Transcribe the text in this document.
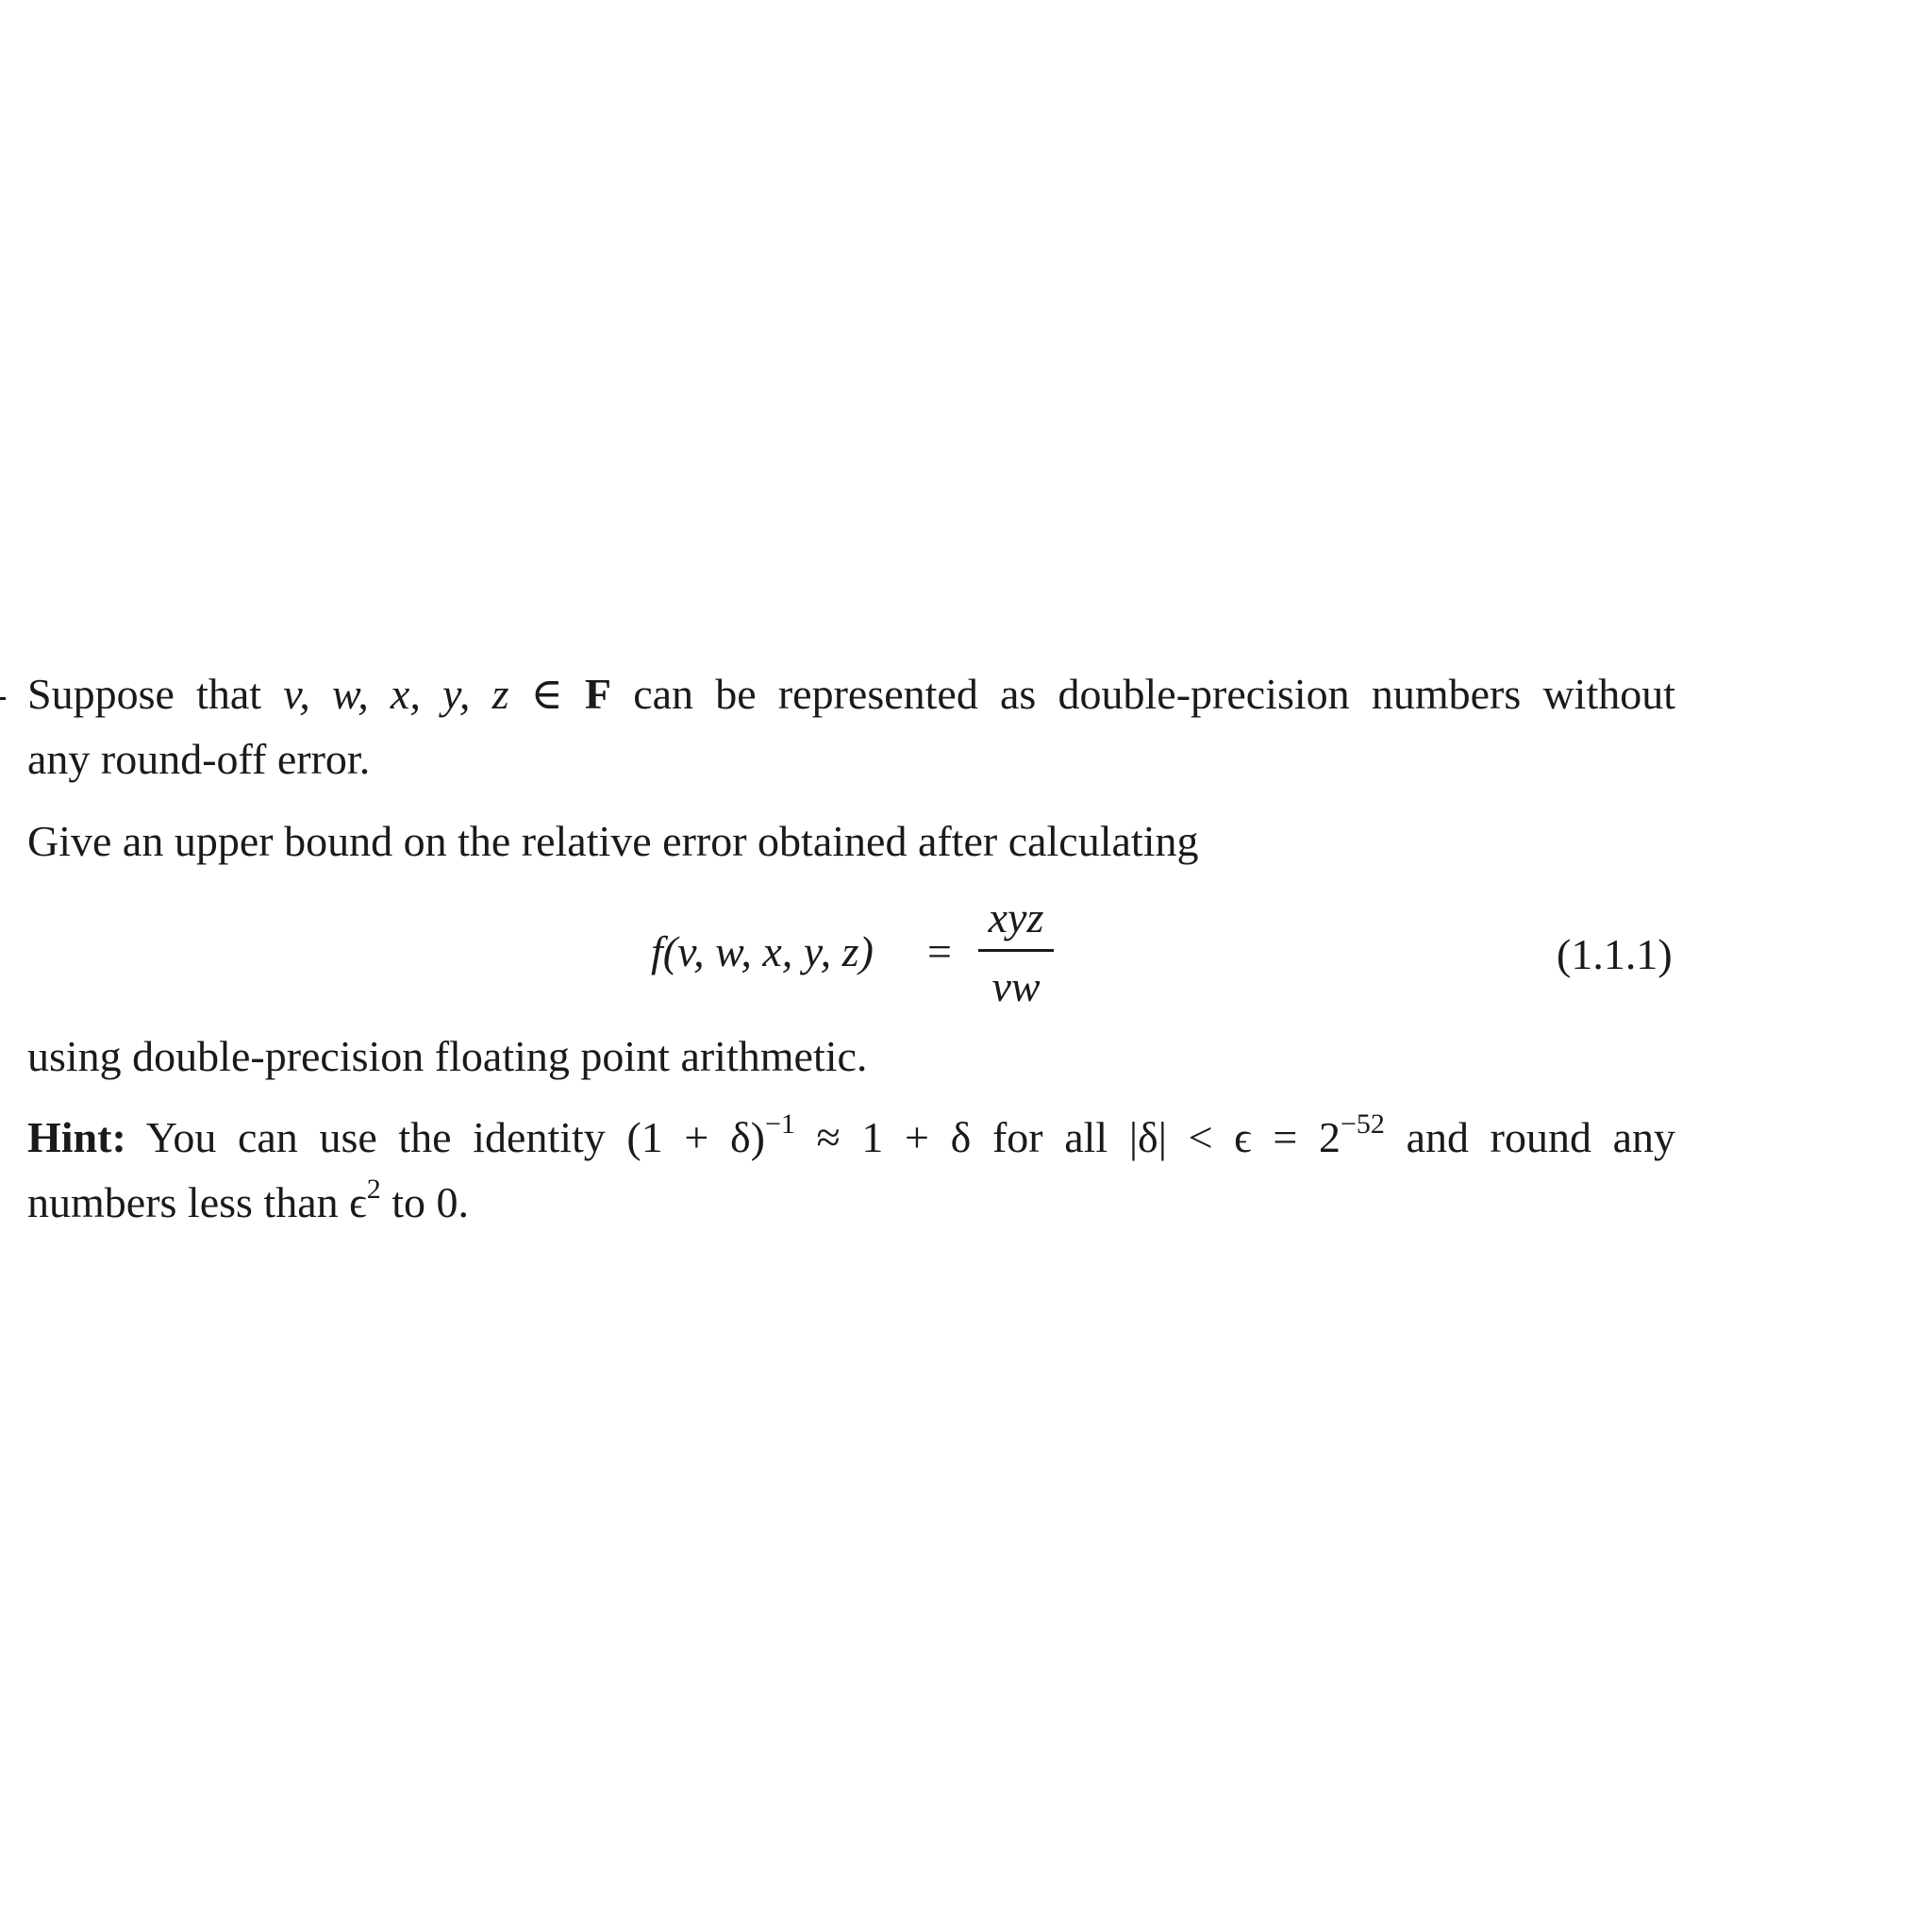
Suppose that v, w, x, y, z ∈ F can be represented as double-precision numbers without
any round-off error.
Give an upper bound on the relative error obtained after calculating
f(v, w, x, y, z) =
xyz
vw
(1.1.1)
using double-precision floating point arithmetic.
Hint: You can use the identity $(1 + \delta)^{-1} \approx 1 + \delta$ for all $|\delta| < \epsilon = 2^{-52}$ and round any
numbers less than $\epsilon^2$ to 0.
